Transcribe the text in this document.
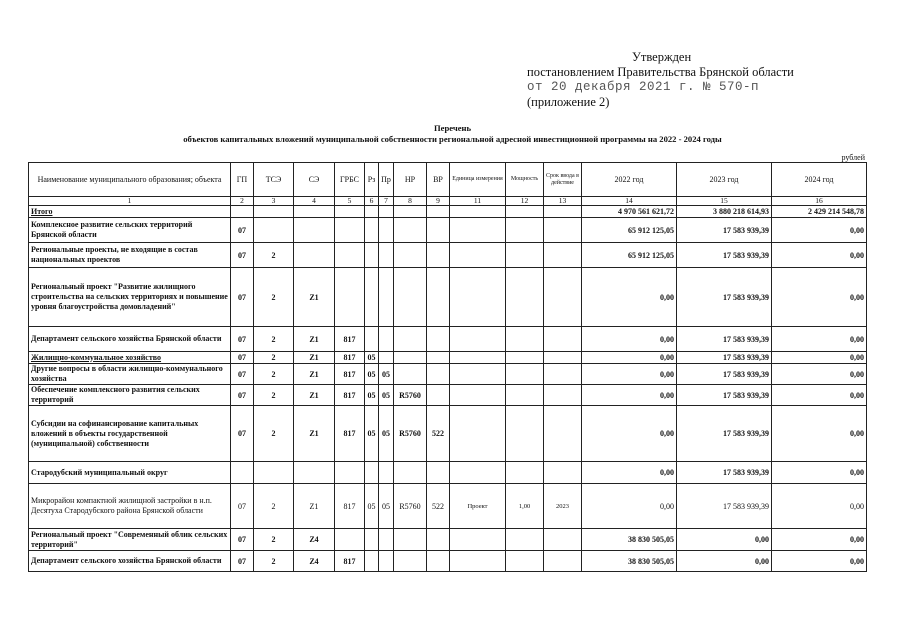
Утвержден
постановлением Правительства Брянской области
от 20 декабря 2021 г. № 570-п
(приложение 2)
Перечень
объектов капитальных вложений муниципальной собственности региональной адресной инвестиционной программы на 2022 - 2024 годы
рублей
Наименование муниципального образования; объекта	ГП	ТСЭ	СЭ	ГРБС	Рз	Пр	НР	ВР	Единица измерения	Мощность	Срок ввода в действие	2022 год	2023 год	2024 год
1	2	3	4	5	6	7	8	9	11	12	13	14	15	16
Итого												4 970 561 621,72	3 880 218 614,93	2 429 214 548,78
Комплексное развитие сельских территорий Брянской области	07											65 912 125,05	17 583 939,39	0,00
Региональные проекты, не входящие в состав национальных проектов	07	2										65 912 125,05	17 583 939,39	0,00
Региональный проект "Развитие жилищного строительства на сельских территориях и повышение уровня благоустройства домовладений"	07	2	Z1									0,00	17 583 939,39	0,00
Департамент сельского хозяйства Брянской области	07	2	Z1	817								0,00	17 583 939,39	0,00
Жилищно-коммунальное хозяйство	07	2	Z1	817	05							0,00	17 583 939,39	0,00
Другие вопросы в области жилищно-коммунального хозяйства	07	2	Z1	817	05	05						0,00	17 583 939,39	0,00
Обеспечение комплексного развития сельских территорий	07	2	Z1	817	05	05	R5760					0,00	17 583 939,39	0,00
Субсидии на софинансирование капитальных вложений в объекты государственной (муниципальной) собственности	07	2	Z1	817	05	05	R5760	522				0,00	17 583 939,39	0,00
Стародубский муниципальный округ												0,00	17 583 939,39	0,00
Микрорайон компактной жилищной застройки в н.п. Десятуха Стародубского района Брянской области	07	2	Z1	817	05	05	R5760	522	Проект	1,00	2023	0,00	17 583 939,39	0,00
Региональный проект "Современный облик сельских территорий"	07	2	Z4									38 830 505,05	0,00	0,00
Департамент сельского хозяйства Брянской области	07	2	Z4	817								38 830 505,05	0,00	0,00
